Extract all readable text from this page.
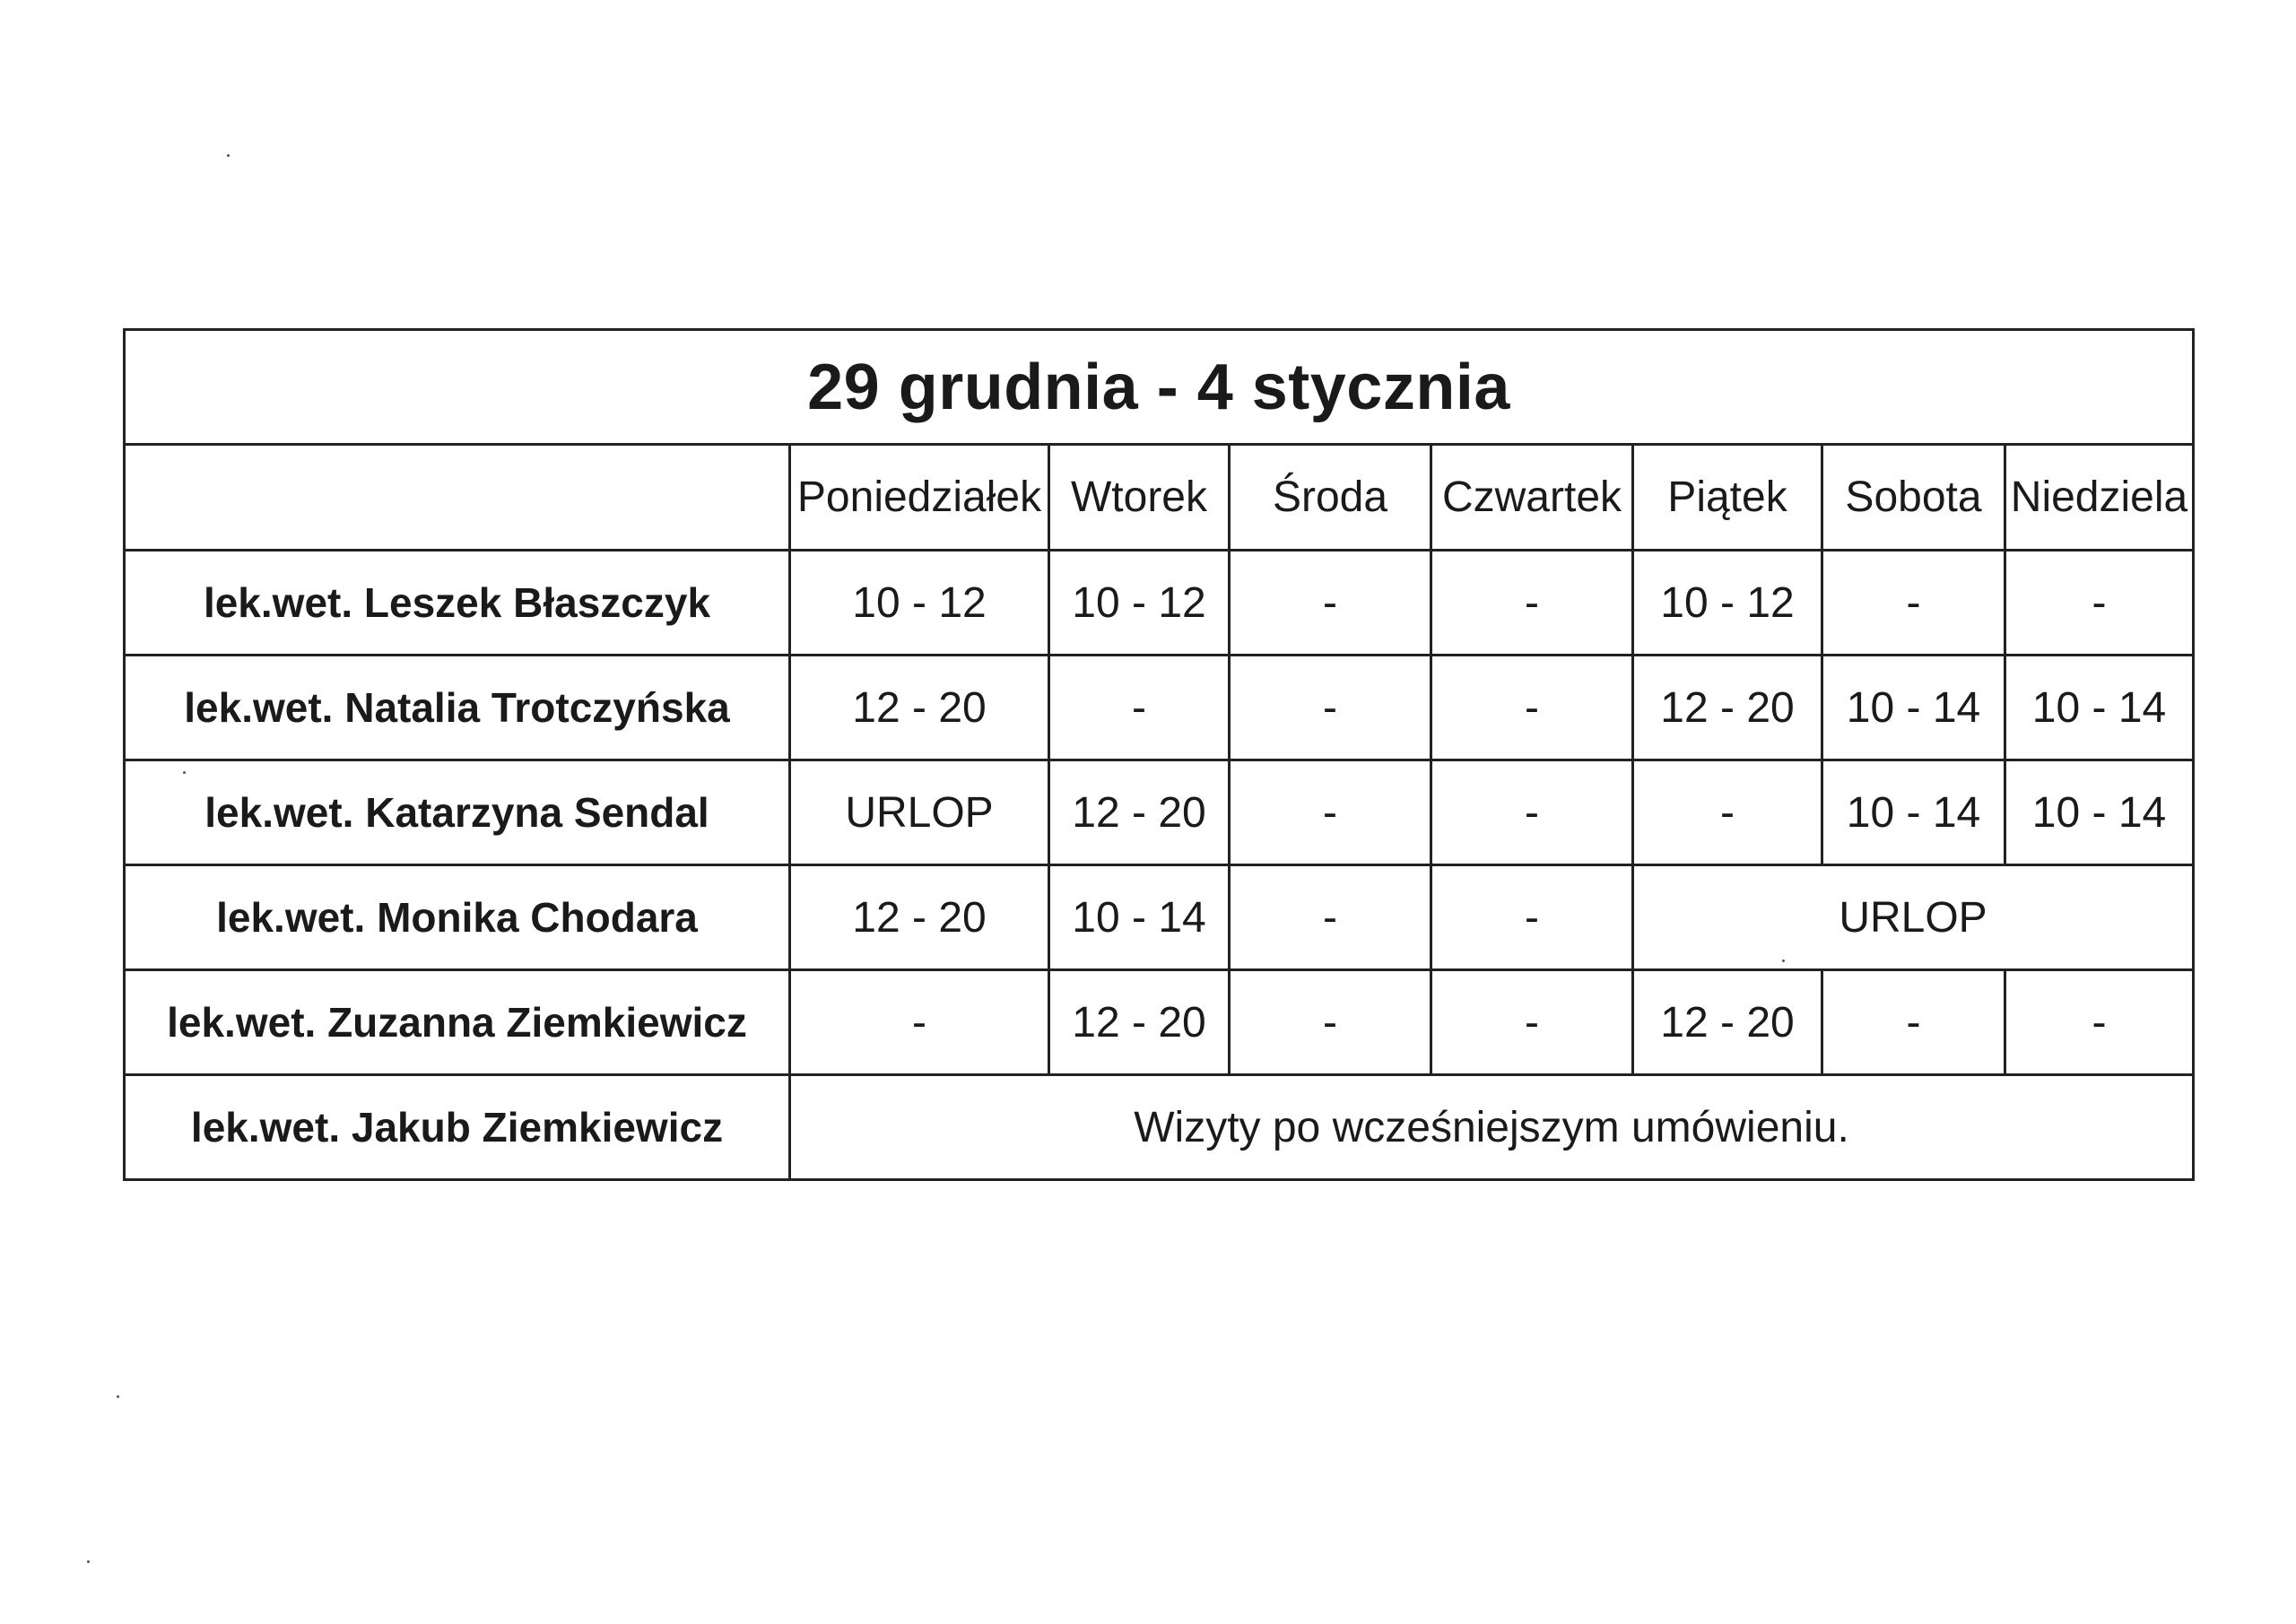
29 grudnia - 4 stycznia							
	Poniedziałek	Wtorek	Środa	Czwartek	Piątek	Sobota	Niedziela
lek.wet. Leszek Błaszczyk	10 - 12	10 - 12	-	-	10 - 12	-	-
lek.wet. Natalia Trotczyńska	12 - 20	-	-	-	12 - 20	10 - 14	10 - 14
lek.wet. Katarzyna Sendal	URLOP	12 - 20	-	-	-	10 - 14	10 - 14
lek.wet. Monika Chodara	12 - 20	10 - 14	-	-	URLOP		
lek.wet. Zuzanna Ziemkiewicz	-	12 - 20	-	-	12 - 20	-	-
lek.wet. Jakub Ziemkiewicz	Wizyty po wcześniejszym umówieniu.						
